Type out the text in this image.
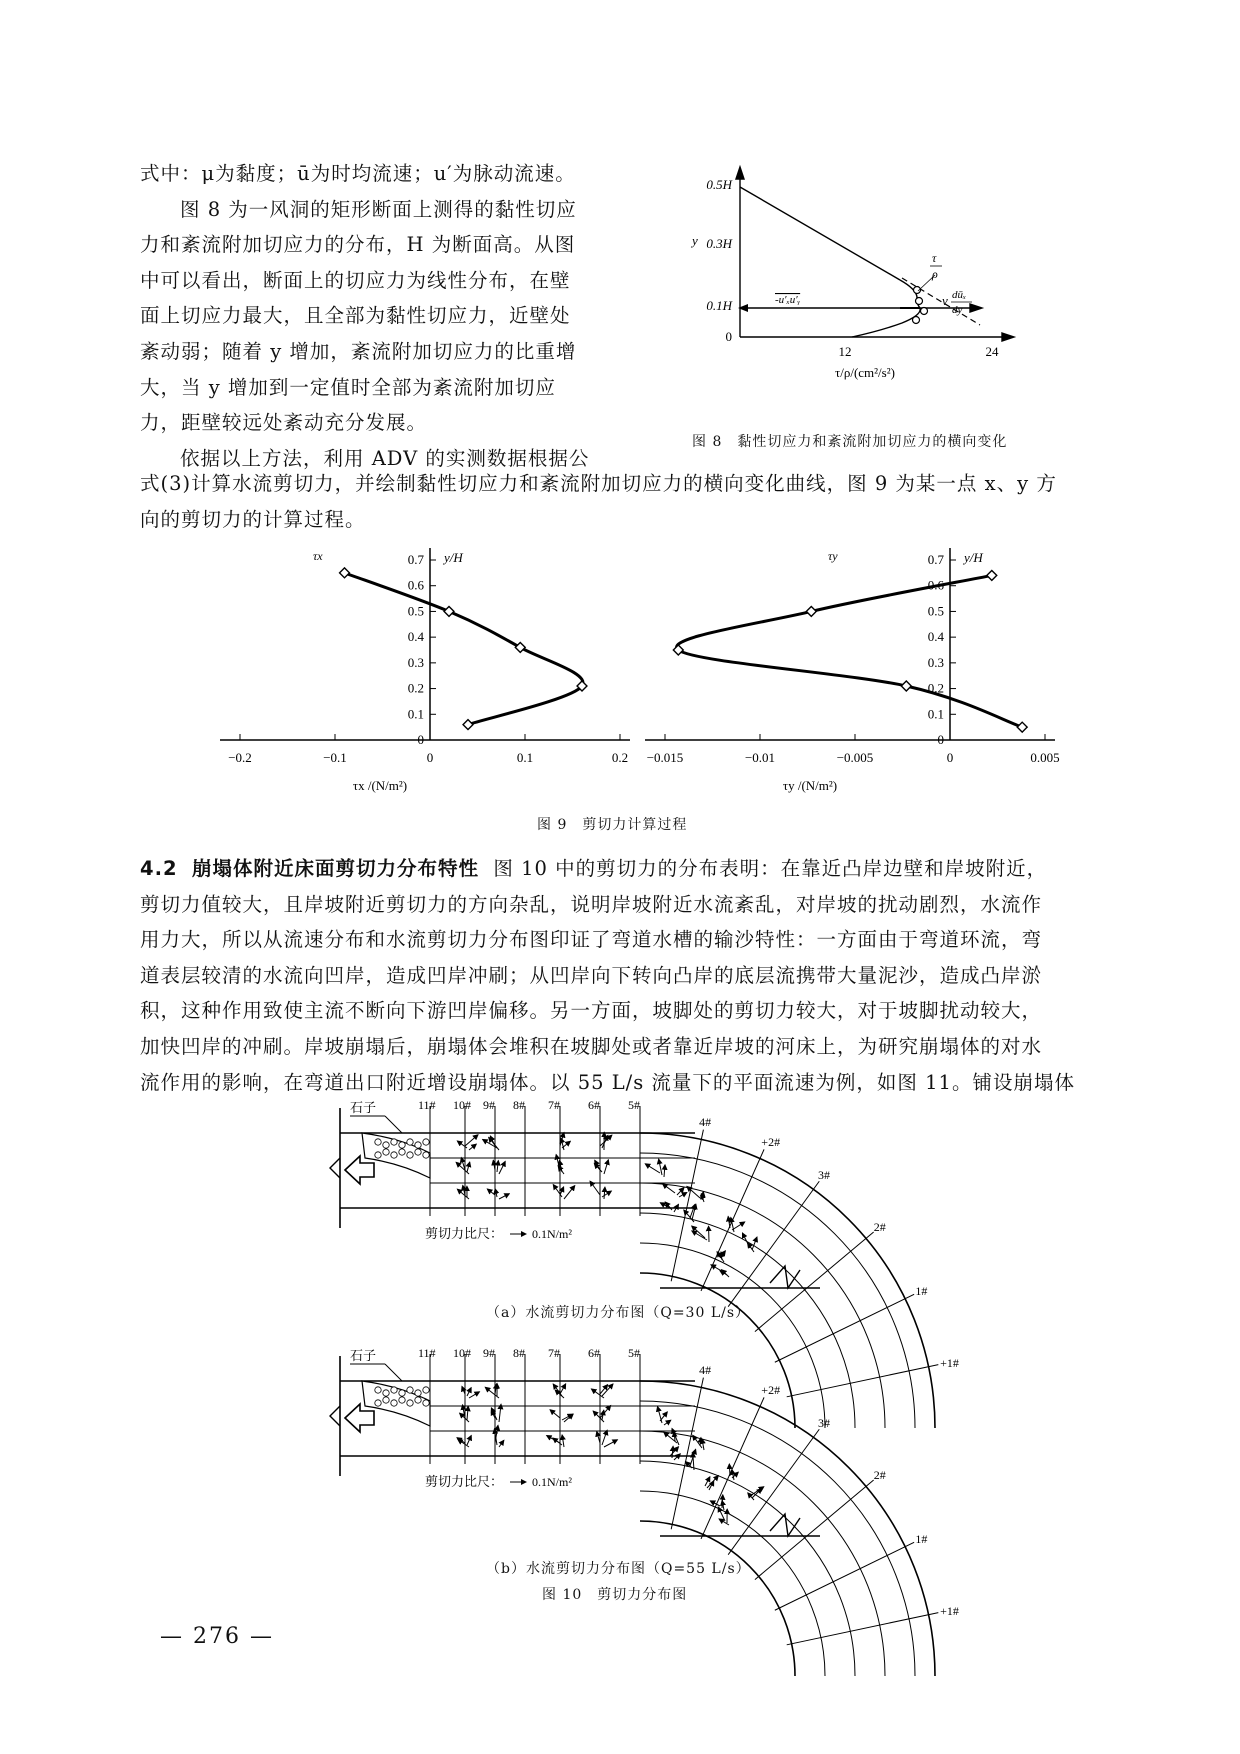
式中：μ为黏度；ū为时均流速；u′为脉动流速。
图 8 为一风洞的矩形断面上测得的黏性切应
力和紊流附加切应力的分布，H 为断面高。从图
中可以看出，断面上的切应力为线性分布，在壁
面上切应力最大，且全部为黏性切应力，近壁处
紊动弱；随着 y 增加，紊流附加切应力的比重增
大，当 y 增加到一定值时全部为紊流附加切应
力，距壁较远处紊动充分发展。
依据以上方法，利用 ADV 的实测数据根据公
0.5H
0.3H
0.1H
0
12	24
y
τ/ρ/(cm²/s²)
-u′ₓu′ᵧ
τ
ρ
ν dūₓ
dy
图 8　黏性切应力和紊流附加切应力的横向变化
式(3)计算水流剪切力，并绘制黏性切应力和紊流附加切应力的横向变化曲线，图 9 为某一点 x、y 方
向的剪切力的计算过程。
−0.2	−0.1	0	0.1	0.2
0.7
0.6
0.5
0.4
0.3
0.2
0.1
0
y/H
τx
τx /(N/m²)
−0.015	−0.01	−0.005	0	0.005
0.7
0.6
0.5
0.4
0.3
0.2
0.1
0
y/H
τy
τy /(N/m²)
图 9　剪切力计算过程
4.2 崩塌体附近床面剪切力分布特性 图 10 中的剪切力的分布表明：在靠近凸岸边壁和岸坡附近，
剪切力值较大，且岸坡附近剪切力的方向杂乱，说明岸坡附近水流紊乱，对岸坡的扰动剧烈，水流作
用力大，所以从流速分布和水流剪切力分布图印证了弯道水槽的输沙特性：一方面由于弯道环流，弯
道表层较清的水流向凹岸，造成凹岸冲刷；从凹岸向下转向凸岸的底层流携带大量泥沙，造成凸岸淤
积，这种作用致使主流不断向下游凹岸偏移。另一方面，坡脚处的剪切力较大，对于坡脚扰动较大，
加快凹岸的冲刷。岸坡崩塌后，崩塌体会堆积在坡脚处或者靠近岸坡的河床上，为研究崩塌体的对水
流作用的影响，在弯道出口附近增设崩塌体。以 55 L/s 流量下的平面流速为例，如图 11。铺设崩塌体
石子	11# 10# 9# 8# 7# 6# 5#
4#
+2#
3#
2#
1#
+1#
剪切力比尺： 0.1N/m²
（a）水流剪切力分布图（Q=30 L/s）
石子	11# 10# 9# 8# 7# 6# 5#
4#
+2#
3#
2#
1#
+1#
剪切力比尺： 0.1N/m²
（b）水流剪切力分布图（Q=55 L/s）
图 10　剪切力分布图
— 276 —
